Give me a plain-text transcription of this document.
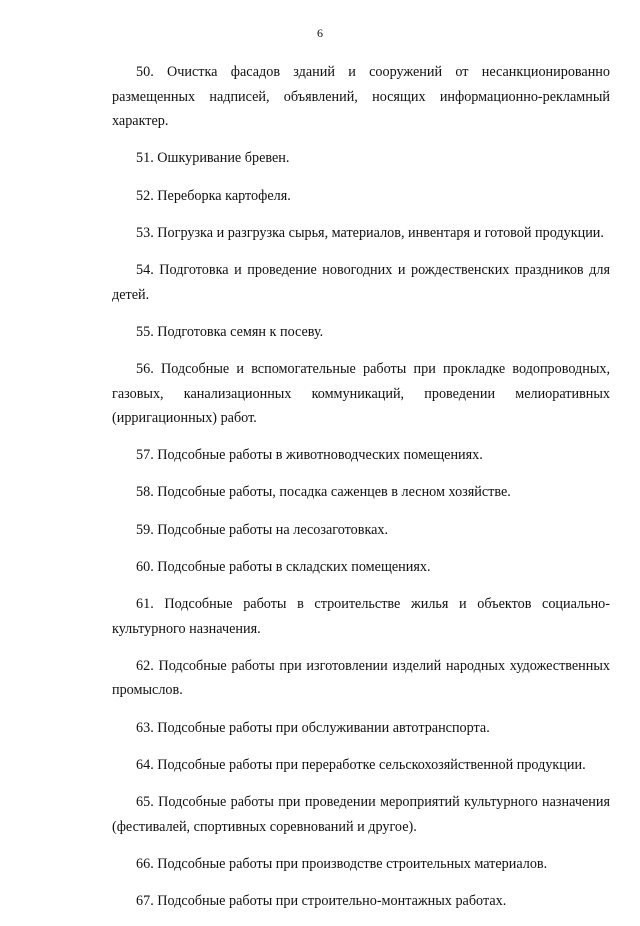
6

50. Очистка фасадов зданий и сооружений от несанкционированно размещенных надписей, объявлений, носящих информационно-рекламный характер.

51. Ошкуривание бревен.

52. Переборка картофеля.

53. Погрузка и разгрузка сырья, материалов, инвентаря и готовой продукции.

54. Подготовка и проведение новогодних и рождественских праздников для детей.

55. Подготовка семян к посеву.

56. Подсобные и вспомогательные работы при прокладке водопроводных, газовых, канализационных коммуникаций, проведении мелиоративных (ирригационных) работ.

57. Подсобные работы в животноводческих помещениях.

58. Подсобные работы, посадка саженцев в лесном хозяйстве.

59. Подсобные работы на лесозаготовках.

60. Подсобные работы в складских помещениях.

61. Подсобные работы в строительстве жилья и объектов социально-культурного назначения.

62. Подсобные работы при изготовлении изделий народных художественных промыслов.

63. Подсобные работы при обслуживании автотранспорта.

64. Подсобные работы при переработке сельскохозяйственной продукции.

65. Подсобные работы при проведении мероприятий культурного назначения (фестивалей, спортивных соревнований и другое).

66. Подсобные работы при производстве строительных материалов.

67. Подсобные работы при строительно-монтажных работах.
